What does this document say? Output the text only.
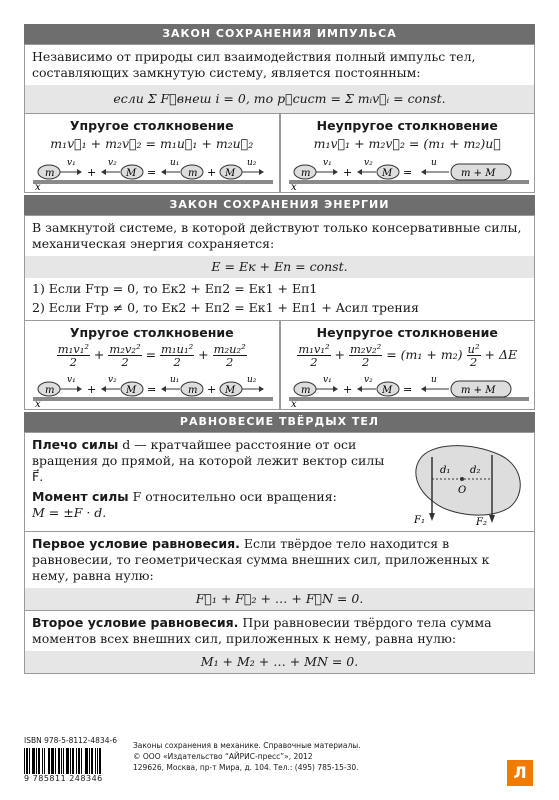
ЗАКОН СОХРАНЕНИЯ ИМПУЛЬСА
Независимо от природы сил взаимодействия полный импульс тел, составляющих замкнутую систему, является постоянным:
если Σ F⃗внеш i = 0, то p⃗сист = Σ mᵢv⃗ᵢ = const.
Упругое столкновение
m₁v⃗₁ + m₂v⃗₂ = m₁u⃗₁ + m₂u⃗₂
x
m
v₁
+
v₂
M =
u₁
m + M
u₂
Неупругое столкновение
m₁v⃗₁ + m₂v⃗₂ = (m₁ + m₂)u⃗
x
m
v₁
+
v₂
M =
u
m + M
ЗАКОН СОХРАНЕНИЯ ЭНЕРГИИ
В замкнутой системе, в которой действуют только консервативные силы, механическая энергия сохраняется:
E = Eк + Eп = const.
1) Если Fтр = 0, то Eк2 + Eп2 = Eк1 + Eп1
2) Если Fтр ≠ 0, то Eк2 + Eп2 = Eк1 + Eп1 + Aсил трения
Упругое столкновение
$\frac{\text{m₁v₁²}}{2} + \frac{\text{m₂v₂²}}{2} = \frac{\text{m₁u₁²}}{2} + \frac{\text{m₂u₂²}}{2}$
x
m
v₁
+
v₂
M =
u₁
m + M
u₂
Неупругое столкновение
$\frac{\text{m₁v₁²}}{2} + \frac{\text{m₂v₂²}}{2} = (m_1 + m_2) \frac{\text{u²}}{2} + \Delta E$
x
m
v₁
+
v₂
M =
u
m + M
РАВНОВЕСИЕ ТВЁРДЫХ ТЕЛ
Плечо силы d — кратчайшее расстояние от оси вращения до прямой, на которой лежит вектор силы F⃗.
Момент силы F относительно оси вращения:
M = ±F · d.
F₁	F₂
O
d₁ d₂
Первое условие равновесия. Если твёрдое тело находится в равновесии, то геометрическая сумма внешних сил, приложенных к нему, равна нулю:
F⃗₁ + F⃗₂ + … + F⃗N = 0.
Второе условие равновесия. При равновесии твёрдого тела сумма моментов всех внешних сил, приложенных к нему, равна нулю:
M₁ + M₂ + … + MN = 0.
ISBN 978-5-8112-4834-6
9 785811 248346
Законы сохранения в механике. Справочные материалы.
© ООО «Издательство “АЙРИС-пресс”», 2012
129626, Москва, пр-т Мира, д. 104. Тел.: (495) 785-15-30.	Л
